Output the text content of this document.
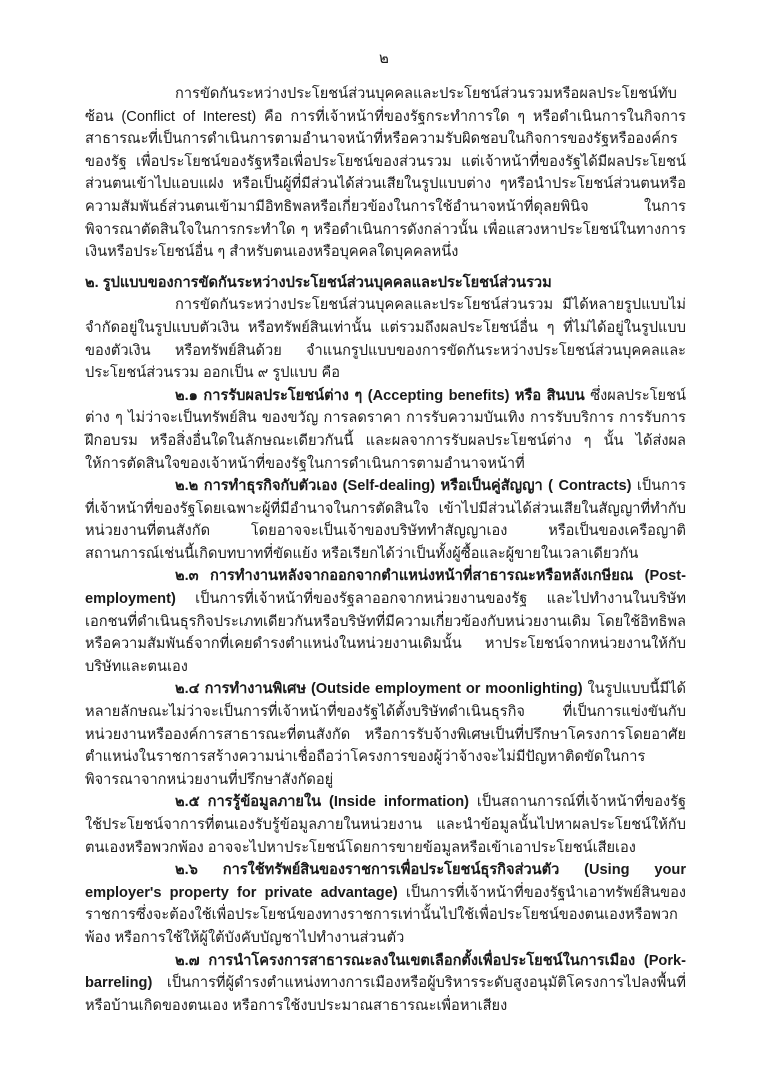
๒

การขัดกันระหว่างประโยชน์ส่วนบุคคลและประโยชน์ส่วนรวมหรือผลประโยชน์ทับซ้อน (Conflict of Interest) คือ การที่เจ้าหน้าที่ของรัฐกระทำการใด ๆ หรือดำเนินการในกิจการสาธารณะที่เป็นการดำเนินการตามอำนาจหน้าที่หรือความรับผิดชอบในกิจการของรัฐหรือองค์กรของรัฐ เพื่อประโยชน์ของรัฐหรือเพื่อประโยชน์ของส่วนรวม แต่เจ้าหน้าที่ของรัฐได้มีผลประโยชน์ส่วนตนเข้าไปแอบแฝง หรือเป็นผู้ที่มีส่วนได้ส่วนเสียในรูปแบบต่าง ๆหรือนำประโยชน์ส่วนตนหรือความสัมพันธ์ส่วนตนเข้ามามีอิทธิพลหรือเกี่ยวข้องในการใช้อำนาจหน้าที่ดุลยพินิจ ในการพิจารณาตัดสินใจในการกระทำใด ๆ หรือดำเนินการดังกล่าวนั้น เพื่อแสวงหาประโยชน์ในทางการเงินหรือประโยชน์อื่น ๆ สำหรับตนเองหรือบุคคลใดบุคคลหนึ่ง

๒. รูปแบบของการขัดกันระหว่างประโยชน์ส่วนบุคคลและประโยชน์ส่วนรวม

การขัดกันระหว่างประโยชน์ส่วนบุคคลและประโยชน์ส่วนรวม มีได้หลายรูปแบบไม่จำกัดอยู่ในรูปแบบตัวเงิน หรือทรัพย์สินเท่านั้น แต่รวมถึงผลประโยชน์อื่น ๆ ที่ไม่ได้อยู่ในรูปแบบของตัวเงิน หรือทรัพย์สินด้วย จำแนกรูปแบบของการขัดกันระหว่างประโยชน์ส่วนบุคคลและประโยชน์ส่วนรวม ออกเป็น ๙ รูปแบบ คือ

๒.๑ การรับผลประโยชน์ต่าง ๆ (Accepting benefits) หรือ สินบน ซึ่งผลประโยชน์ต่าง ๆ ไม่ว่าจะเป็นทรัพย์สิน ของขวัญ การลดราคา การรับความบันเทิง การรับบริการ การรับการฝึกอบรม หรือสิ่งอื่นใดในลักษณะเดียวกันนี้ และผลจาการรับผลประโยชน์ต่าง ๆ นั้น ได้ส่งผลให้การตัดสินใจของเจ้าหน้าที่ของรัฐในการดำเนินการตามอำนาจหน้าที่

๒.๒ การทำธุรกิจกับตัวเอง (Self-dealing) หรือเป็นคู่สัญญา ( Contracts) เป็นการที่เจ้าหน้าที่ของรัฐโดยเฉพาะผู้ที่มีอำนาจในการตัดสินใจ เข้าไปมีส่วนได้ส่วนเสียในสัญญาที่ทำกับหน่วยงานที่ตนสังกัด โดยอาจจะเป็นเจ้าของบริษัททำสัญญาเอง หรือเป็นของเครือญาติ สถานการณ์เช่นนี้เกิดบทบาทที่ขัดแย้ง หรือเรียกได้ว่าเป็นทั้งผู้ซื้อและผู้ขายในเวลาเดียวกัน

๒.๓ การทำงานหลังจากออกจากตำแหน่งหน้าที่สาธารณะหรือหลังเกษียณ (Post-employment) เป็นการที่เจ้าหน้าที่ของรัฐลาออกจากหน่วยงานของรัฐ และไปทำงานในบริษัทเอกชนที่ดำเนินธุรกิจประเภทเดียวกันหรือบริษัทที่มีความเกี่ยวข้องกับหน่วยงานเดิม โดยใช้อิทธิพลหรือความสัมพันธ์จากที่เคยดำรงตำแหน่งในหน่วยงานเดิมนั้น หาประโยชน์จากหน่วยงานให้กับบริษัทและตนเอง

๒.๔ การทำงานพิเศษ (Outside employment or moonlighting) ในรูปแบบนี้มีได้หลายลักษณะไม่ว่าจะเป็นการที่เจ้าหน้าที่ของรัฐได้ตั้งบริษัทดำเนินธุรกิจ ที่เป็นการแข่งขันกับหน่วยงานหรือองค์การสาธารณะที่ตนสังกัด หรือการรับจ้างพิเศษเป็นที่ปรึกษาโครงการโดยอาศัยตำแหน่งในราชการสร้างความน่าเชื่อถือว่าโครงการของผู้ว่าจ้างจะไม่มีปัญหาติดขัดในการพิจารณาจากหน่วยงานที่ปรึกษาสังกัดอยู่

๒.๕ การรู้ข้อมูลภายใน (Inside information) เป็นสถานการณ์ที่เจ้าหน้าที่ของรัฐใช้ประโยชน์จาการที่ตนเองรับรู้ข้อมูลภายในหน่วยงาน และนำข้อมูลนั้นไปหาผลประโยชน์ให้กับตนเองหรือพวกพ้อง อาจจะไปหาประโยชน์โดยการขายข้อมูลหรือเข้าเอาประโยชน์เสียเอง

๒.๖ การใช้ทรัพย์สินของราชการเพื่อประโยชน์ธุรกิจส่วนตัว (Using your employer's property for private advantage) เป็นการที่เจ้าหน้าที่ของรัฐนำเอาทรัพย์สินของราชการซึ่งจะต้องใช้เพื่อประโยชน์ของทางราชการเท่านั้นไปใช้เพื่อประโยชน์ของตนเองหรือพวกพ้อง หรือการใช้ให้ผู้ใต้บังคับบัญชาไปทำงานส่วนตัว

๒.๗ การนำโครงการสาธารณะลงในเขตเลือกตั้งเพื่อประโยชน์ในการเมือง (Pork-barreling) เป็นการที่ผู้ดำรงตำแหน่งทางการเมืองหรือผู้บริหารระดับสูงอนุมัติโครงการไปลงพื้นที่หรือบ้านเกิดของตนเอง หรือการใช้งบประมาณสาธารณะเพื่อหาเสียง
